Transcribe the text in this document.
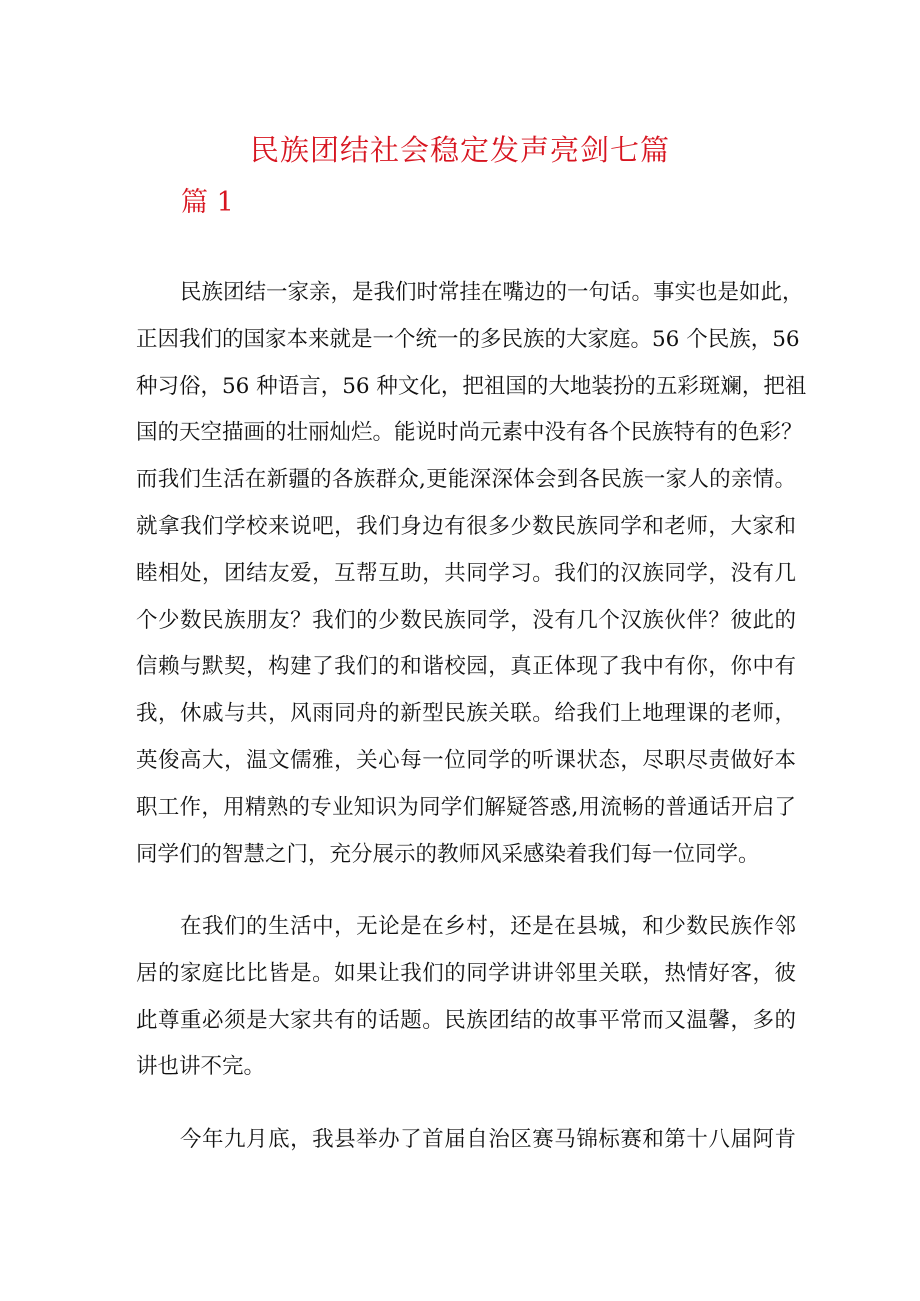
民族团结社会稳定发声亮剑七篇
篇 1
民族团结一家亲，是我们时常挂在嘴边的一句话。事实也是如此，
正因我们的国家本来就是一个统一的多民族的大家庭。56 个民族，56
种习俗，56 种语言，56 种文化，把祖国的大地装扮的五彩斑斓，把祖
国的天空描画的壮丽灿烂。能说时尚元素中没有各个民族特有的色彩？
而我们生活在新疆的各族群众,更能深深体会到各民族一家人的亲情。
就拿我们学校来说吧，我们身边有很多少数民族同学和老师，大家和
睦相处，团结友爱，互帮互助，共同学习。我们的汉族同学，没有几
个少数民族朋友？我们的少数民族同学，没有几个汉族伙伴？彼此的
信赖与默契，构建了我们的和谐校园，真正体现了我中有你，你中有
我，休戚与共，风雨同舟的新型民族关联。给我们上地理课的老师，
英俊高大，温文儒雅，关心每一位同学的听课状态，尽职尽责做好本
职工作，用精熟的专业知识为同学们解疑答惑,用流畅的普通话开启了
同学们的智慧之门，充分展示的教师风采感染着我们每一位同学。
在我们的生活中，无论是在乡村，还是在县城，和少数民族作邻
居的家庭比比皆是。如果让我们的同学讲讲邻里关联，热情好客，彼
此尊重必须是大家共有的话题。民族团结的故事平常而又温馨，多的
讲也讲不完。
今年九月底，我县举办了首届自治区赛马锦标赛和第十八届阿肯
